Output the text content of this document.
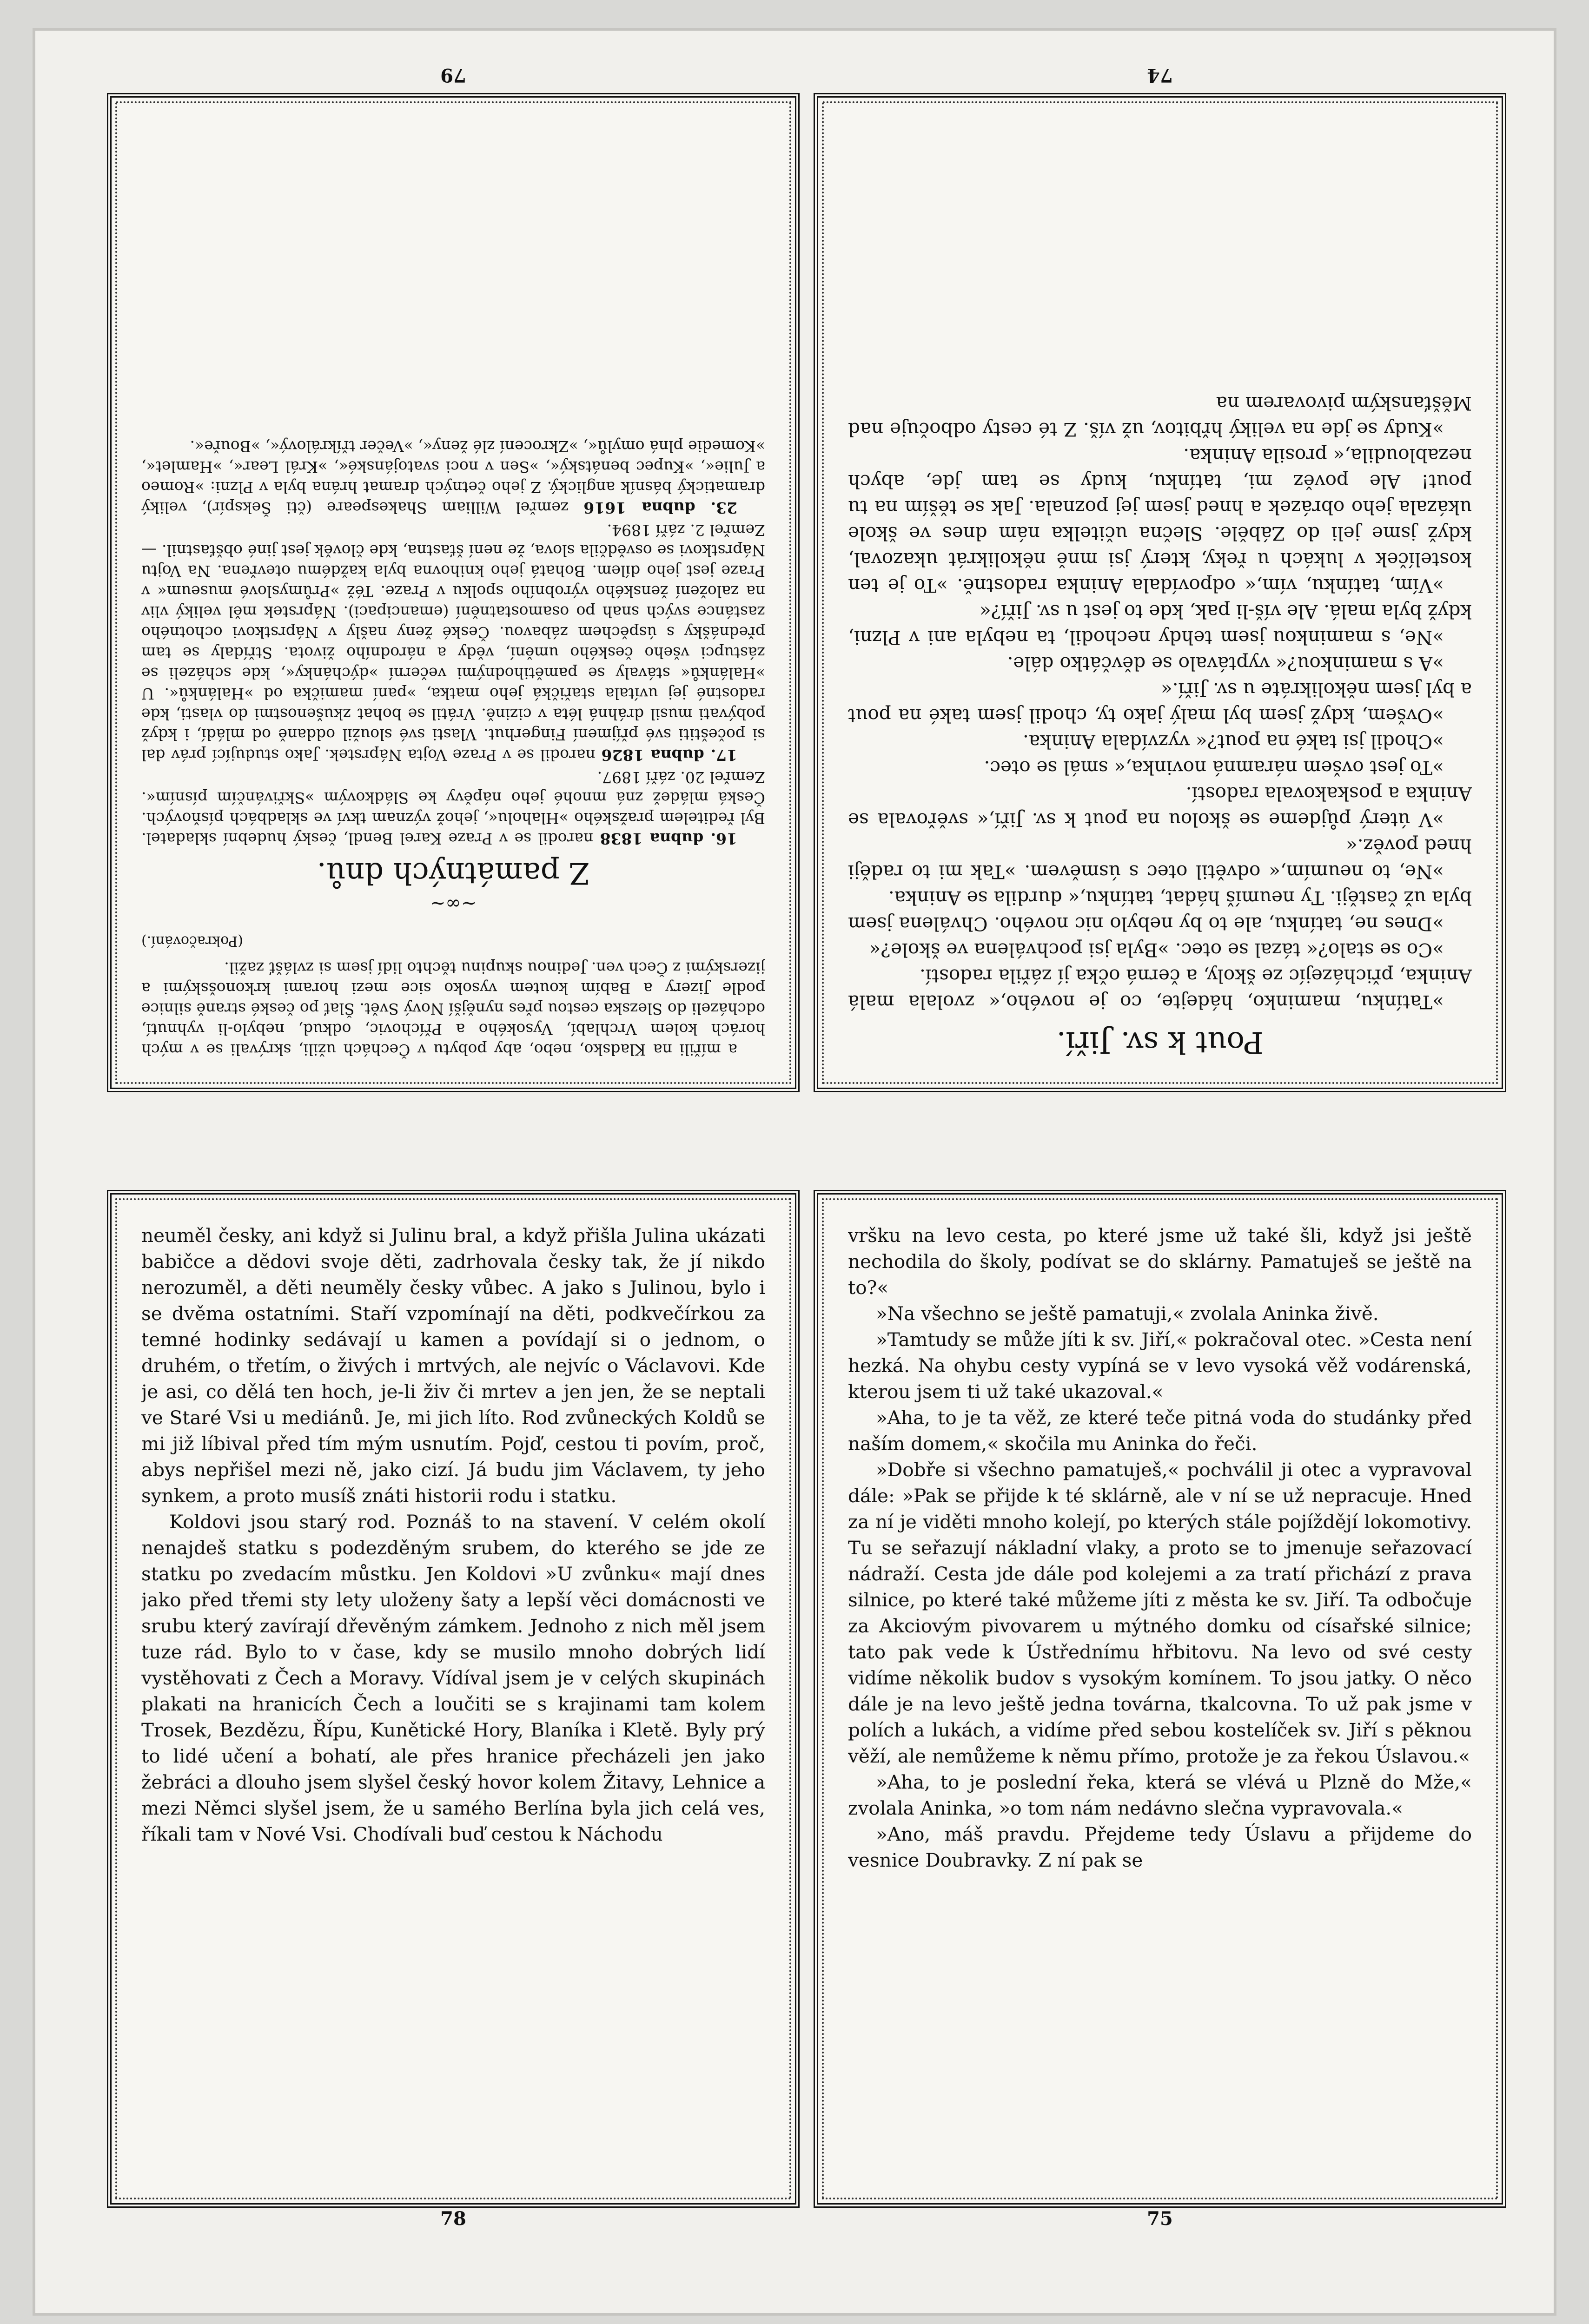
a mířili na Kladsko, nebo, aby pobytu v Čechách užili, skrývali se v mých horách kolem Vrchlabí, Vysokého a Příchovic, odkud, nebylo-li vyhnutí, odcházeli do Slezska cestou přes nynější Nový Svět. Šlať po české straně silnice podle Jizery a Babím koutem vysoko sice mezi horami krkonošskými a jizerskými z Čech ven. Jedinou skupinu těchto lidí jsem si zvlášť zažil.

(Pokračování.)
~∞~
Z památných dnů.

16. dubna 1838 narodil se v Praze Karel Bendl, český hudební skladatel. Byl ředitelem pražského »Hlaholu«, jehož význam tkví ve skladbách písňových. Česká mládež zná mnohé jeho nápěvy ke Sládkovým »Skřivánčím písním«. Zemřel 20. září 1897.

17. dubna 1826 narodil se v Praze Vojta Náprstek. Jako studující práv dal si počeštiti své příjmení Fingerhut. Vlasti své sloužil oddaně od mládí, i když pobývati musil dráhná léta v cizině. Vrátil se bohat zkušenostmi do vlasti, kde radostné jej uvítala stařičká jeho matka, »paní mamička od »Halánků«. U »Halánků« stávaly se pamětihodnými večerní »dýchánky«, kde scházeli se zástupci všeho českého umění, vědy a národního života. Střídaly se tam přednášky s úspěchem zábavou. České ženy našly v Náprstkovi ochotného zastánce svých snah po osamostatnění (emancipaci). Náprstek měl veliký vliv na založení ženského výrobního spolku v Praze. Též »Průmyslové museum« v Praze jest jeho dílem. Bohatá jeho knihovna byla každému otevřena. Na Vojtu Náprstkovi se osvědčila slova, že není šťastna, kde člověk jest jiné obšťastnil. — Zemřel 2. září 1894.

23. dubna 1616 zemřel William Shakespeare (čti Šekspír), veliký dramatický básník anglický. Z jeho četných dramat hrána byla v Plzni: »Romeo a Julie«, »Kupec benátský«, »Sen v noci svatojánské«, »Král Lear«, »Hamlet«, »Komedie plná omylů«, »Zkrocení zlé ženy«, »Večer tříkrálový«, »Bouře«.

79
Pout k sv. Jiří.

»Tatínku, maminko, hádejte, co je nového,« zvolala malá Aninka, přicházejíc ze školy, a černá očka jí zářila radostí.

»Co se stalo?« tázal se otec. »Byla jsi pochválena ve škole?«

»Dnes ne, tatínku, ale to by nebylo nic nového. Chválena jsem byla už častěji. Ty neumíš hádat, tatínku,« durdila se Aninka.

»Ne, to neumím,« odvětil otec s úsměvem. »Tak mi to raději hned pověz.«

»V úterý půjdeme se školou na pout k sv. Jiří,« svěřovala se Aninka a poskakovala radostí.

»To jest ovšem náramná novinka,« smál se otec.

»Chodil jsi také na pout?« vyzvídala Aninka.

»Ovšem, když jsem byl malý jako ty, chodil jsem také na pout a byl jsem několikráte u sv. Jiří.«

»A s maminkou?« vyptávalo se děvčátko dále.

»Ne, s maminkou jsem tehdy nechodil, ta nebyla ani v Plzni, když byla malá. Ale víš-li pak, kde to jest u sv. Jiří?«

»Vím, tatínku, vím,« odpovídala Aninka radostně. »To je ten kostelíček v lukách u řeky, který jsi mně několikrát ukazoval, když jsme jeli do Záběle. Slečna učitelka nám dnes ve škole ukázala jeho obrázek a hned jsem jej poznala. Jak se těším na tu pout! Ale pověz mi, tatínku, kudy se tam jde, abych nezabloudila,« prosila Aninka.

»Kudy se jde na veliký hřbitov, už víš. Z té cesty odbočuje nad Měšťanským pivovarem na

74

neuměl česky, ani když si Julinu bral, a když přišla Julina ukázati babičce a dědovi svoje děti, zadrhovala česky tak, že jí nikdo nerozuměl, a děti neuměly česky vůbec. A jako s Julinou, bylo i se dvěma ostatními. Staří vzpomínají na děti, podkvečírkou za temné hodinky sedávají u kamen a povídají si o jednom, o druhém, o třetím, o živých i mrtvých, ale nejvíc o Václavovi. Kde je asi, co dělá ten hoch, je-li živ či mrtev a jen jen, že se neptali ve Staré Vsi u mediánů. Je, mi jich líto. Rod zvůneckých Koldů se mi již líbival před tím mým usnutím. Pojď, cestou ti povím, proč, abys nepřišel mezi ně, jako cizí. Já budu jim Václavem, ty jeho synkem, a proto musíš znáti historii rodu i statku.

Koldovi jsou starý rod. Poznáš to na stavení. V celém okolí nenajdeš statku s podezděným srubem, do kterého se jde ze statku po zvedacím můstku. Jen Koldovi »U zvůnku« mají dnes jako před třemi sty lety uloženy šaty a lepší věci domácnosti ve srubu který zavírají dřevěným zámkem. Jednoho z nich měl jsem tuze rád. Bylo to v čase, kdy se musilo mnoho dobrých lidí vystěhovati z Čech a Moravy. Vídíval jsem je v celých skupinách plakati na hranicích Čech a loučiti se s krajinami tam kolem Trosek, Bezdězu, Řípu, Kunětické Hory, Blaníka i Kletě. Byly prý to lidé učení a bohatí, ale přes hranice přecházeli jen jako žebráci a dlouho jsem slyšel český hovor kolem Žitavy, Lehnice a mezi Němci slyšel jsem, že u samého Berlína byla jich celá ves, říkali tam v Nové Vsi. Chodívali buď cestou k Náchodu

78

vršku na levo cesta, po které jsme už také šli, když jsi ještě nechodila do školy, podívat se do sklárny. Pamatuješ se ještě na to?«

»Na všechno se ještě pamatuji,« zvolala Aninka živě.

»Tamtudy se může jíti k sv. Jiří,« pokračoval otec. »Cesta není hezká. Na ohybu cesty vypíná se v levo vysoká věž vodárenská, kterou jsem ti už také ukazoval.«

»Aha, to je ta věž, ze které teče pitná voda do studánky před naším domem,« skočila mu Aninka do řeči.

»Dobře si všechno pamatuješ,« pochválil ji otec a vypravoval dále: »Pak se přijde k té sklárně, ale v ní se už nepracuje. Hned za ní je viděti mnoho kolejí, po kterých stále pojíždějí lokomotivy. Tu se seřazují nákladní vlaky, a proto se to jmenuje seřazovací nádraží. Cesta jde dále pod kolejemi a za tratí přichází z prava silnice, po které také můžeme jíti z města ke sv. Jiří. Ta odbočuje za Akciovým pivovarem u mýtného domku od císařské silnice; tato pak vede k Ústřednímu hřbitovu. Na levo od své cesty vidíme několik budov s vysokým komínem. To jsou jatky. O něco dále je na levo ještě jedna továrna, tkalcovna. To už pak jsme v polích a lukách, a vidíme před sebou kostelíček sv. Jiří s pěknou věží, ale nemůžeme k němu přímo, protože je za řekou Úslavou.«

»Aha, to je poslední řeka, která se vlévá u Plzně do Mže,« zvolala Aninka, »o tom nám nedávno slečna vypravovala.«

»Ano, máš pravdu. Přejdeme tedy Úslavu a přijdeme do vesnice Doubravky. Z ní pak se

75
